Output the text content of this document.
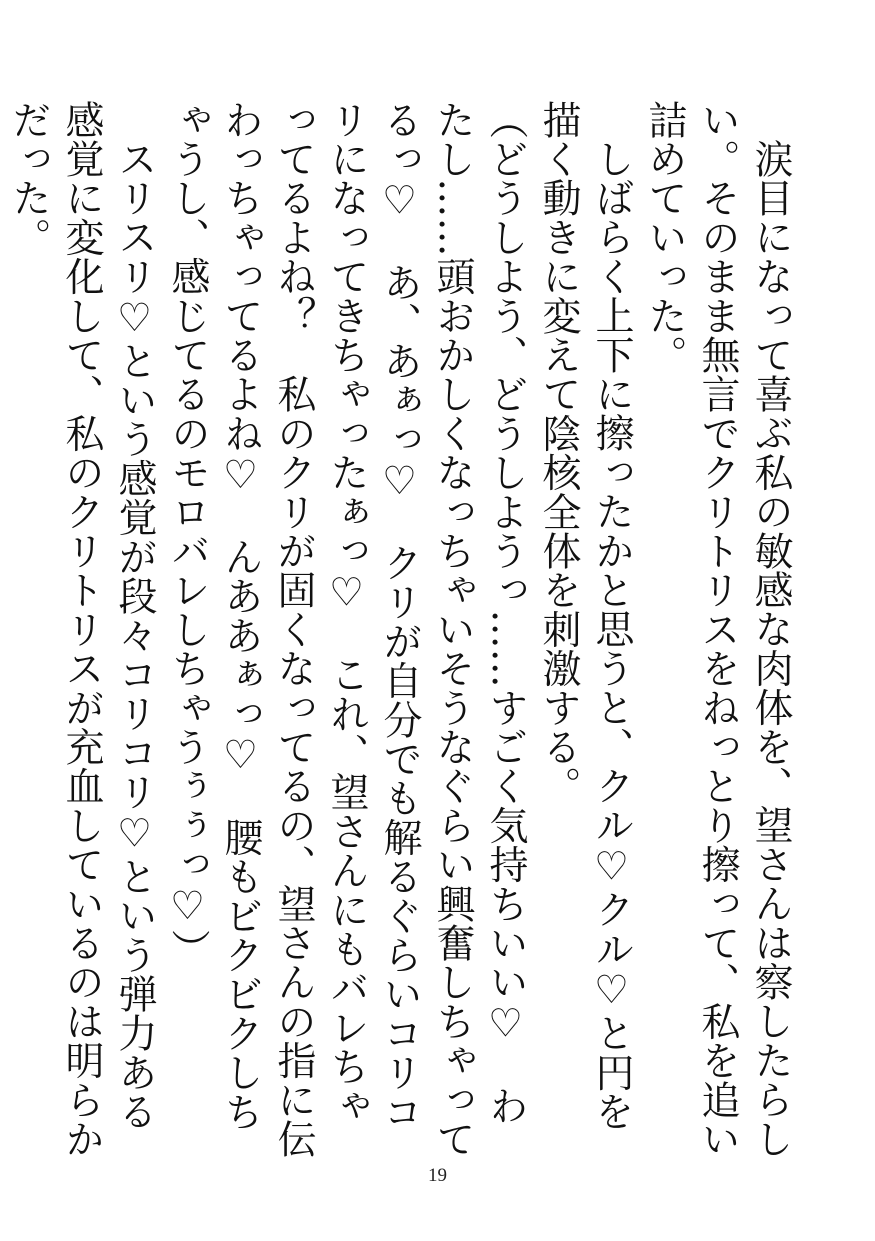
涙目になって喜ぶ私の敏感な肉体を、望さんは察したらしい。そのまま無言でクリトリスをねっとり擦って、私を追い詰めていった。

しばらく上下に擦ったかと思うと、クル♡クル♡と円を描く動きに変えて陰核全体を刺激する。

（どうしよう、どうしようっ……すごく気持ちいい♡　わたし……頭おかしくなっちゃいそうなぐらい興奮しちゃってるっ♡　あ、あぁっ♡　クリが自分でも解るぐらいコリコリになってきちゃったぁっ♡　これ、望さんにもバレちゃってるよね？　私のクリが固くなってるの、望さんの指に伝わっちゃってるよね♡　んああぁっ♡　腰もビクビクしちゃうし、感じてるのモロバレしちゃうぅぅっ♡）

スリスリ♡という感覚が段々コリコリ♡という弾力ある感覚に変化して、私のクリトリスが充血しているのは明らかだった。

19
